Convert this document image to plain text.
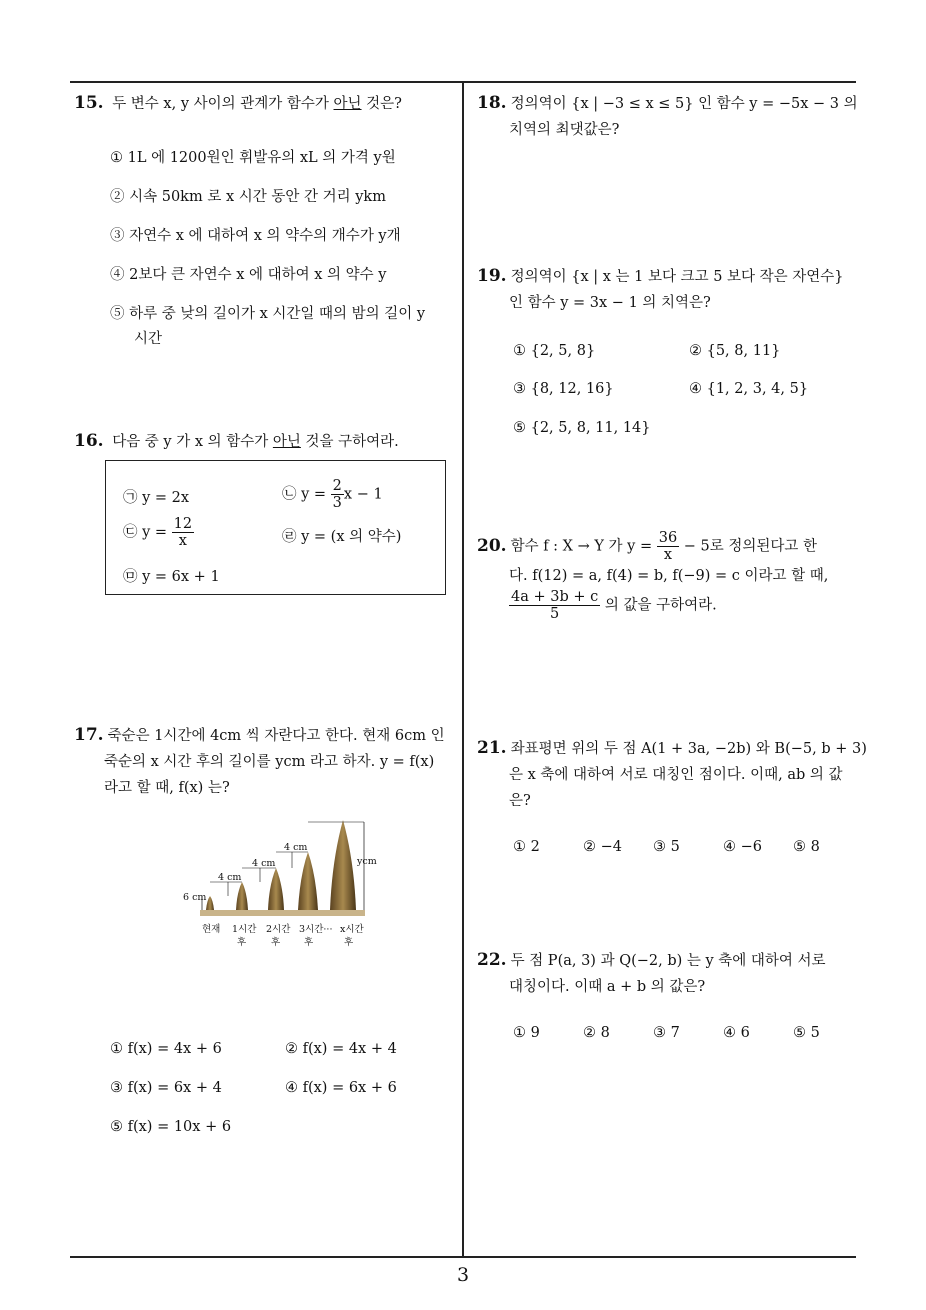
15. 두 변수 x, y 사이의 관계가 함수가 아닌 것은?
① 1L 에 1200원인 휘발유의 xL 의 가격 y원
② 시속 50km 로 x 시간 동안 간 거리 ykm
③ 자연수 x 에 대하여 x 의 약수의 개수가 y개
④ 2보다 큰 자연수 x 에 대하여 x 의 약수 y
⑤ 하루 중 낮의 길이가 x 시간일 때의 밤의 길이 y
시간
16. 다음 중 y 가 x 의 함수가 아닌 것을 구하여라.
㉠ y = 2x	㉡ $y = \frac{2}{3}$ x − 1
㉢ $y = \frac{12}{x}$	㉣ y = (x 의 약수)
㉤ y = 6x + 1
17. 죽순은 1시간에 4cm 씩 자란다고 한다. 현재 6cm 인
죽순의 x 시간 후의 길이를 ycm 라고 하자. y = f(x)
라고 할 때, f(x) 는?
4 cm
4 cm
4 cm
6 cm
ycm
현재 1시간 2시간 3시간··· x시간
후	후	후	후
① f(x) = 4x + 6	② f(x) = 4x + 4
③ f(x) = 6x + 4	④ f(x) = 6x + 6
⑤ f(x) = 10x + 6
18. 정의역이 {x | −3 ≤ x ≤ 5} 인 함수 y = −5x − 3 의
치역의 최댓값은?
19. 정의역이 {x | x 는 1 보다 크고 5 보다 작은 자연수}
인 함수 y = 3x − 1 의 치역은?
① {2, 5, 8}	② {5, 8, 11}
③ {8, 12, 16}	④ {1, 2, 3, 4, 5}
⑤ {2, 5, 8, 11, 14}
20. 함수 f : X → Y 가 $y = \frac{36}{x} - 5$로 정의된다고 한
다. f(12) = a, f(4) = b, f(−9) = c 이라고 할 때,
$\frac{4a + 3b + c}{5}$ 의 값을 구하여라.
21. 좌표평면 위의 두 점 A(1 + 3a, −2b) 와 B(−5, b + 3)
은 x 축에 대하여 서로 대칭인 점이다. 이때, ab 의 값
은?
① 2	② −4 ③ 5	④ −6 ⑤ 8
22. 두 점 P(a, 3) 과 Q(−2, b) 는 y 축에 대하여 서로
대칭이다. 이때 a + b 의 값은?
① 9	② 8	③ 7	④ 6	⑤ 5
3
